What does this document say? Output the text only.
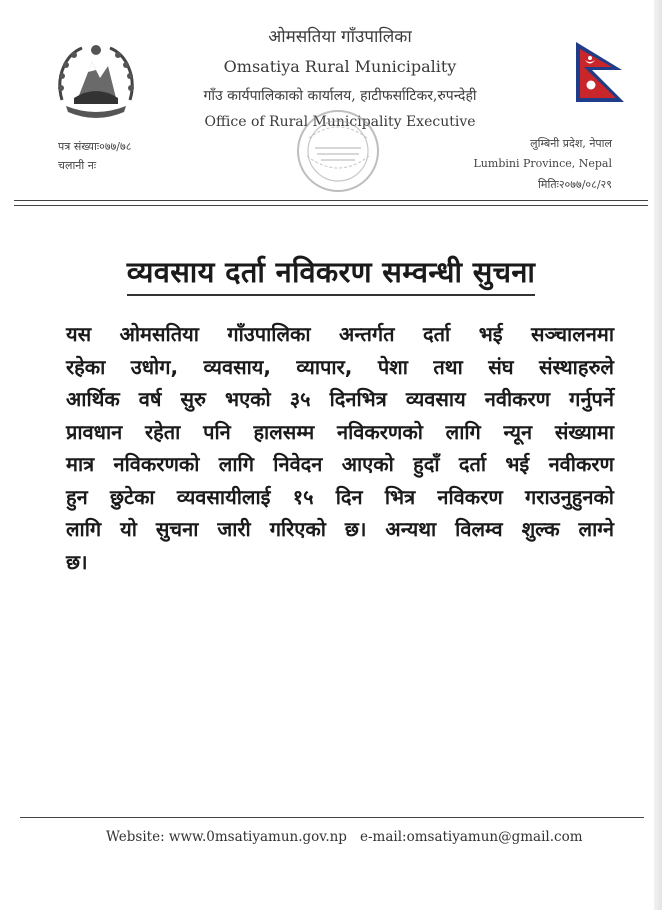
ओमसतिया गाँउपालिका
Omsatiya Rural Municipality
गाँउ कार्यपालिकाको कार्यालय, हाटीफर्साटिकर,रुपन्देही
Office of Rural Municipality Executive
पत्र संख्याः०७७/७८
चलानी नः
लुम्बिनी प्रदेश, नेपाल
Lumbini Province, Nepal
मितिः२०७७/०८/२९
व्यवसाय दर्ता नविकरण सम्वन्धी सुचना
यस ओमसतिया गाँउपालिका अन्तर्गत दर्ता भई सञ्चालनमा
रहेका उधोग, व्यवसाय, व्यापार, पेशा तथा संघ संस्थाहरुले
आर्थिक वर्ष सुरु भएको ३५ दिनभित्र व्यवसाय नवीकरण गर्नुपर्ने
प्रावधान रहेता पनि हालसम्म नविकरणको लागि न्यून संख्यामा
मात्र नविकरणको लागि निवेदन आएको हुदाँ दर्ता भई नवीकरण
हुन छुटेका व्यवसायीलाई १५ दिन भित्र नविकरण गराउनुहुनको
लागि यो सुचना जारी गरिएको छ। अन्यथा विलम्व शुल्क लाग्ने
छ।
Website: www.0msatiyamun.gov.np e-mail:omsatiyamun@gmail.com
